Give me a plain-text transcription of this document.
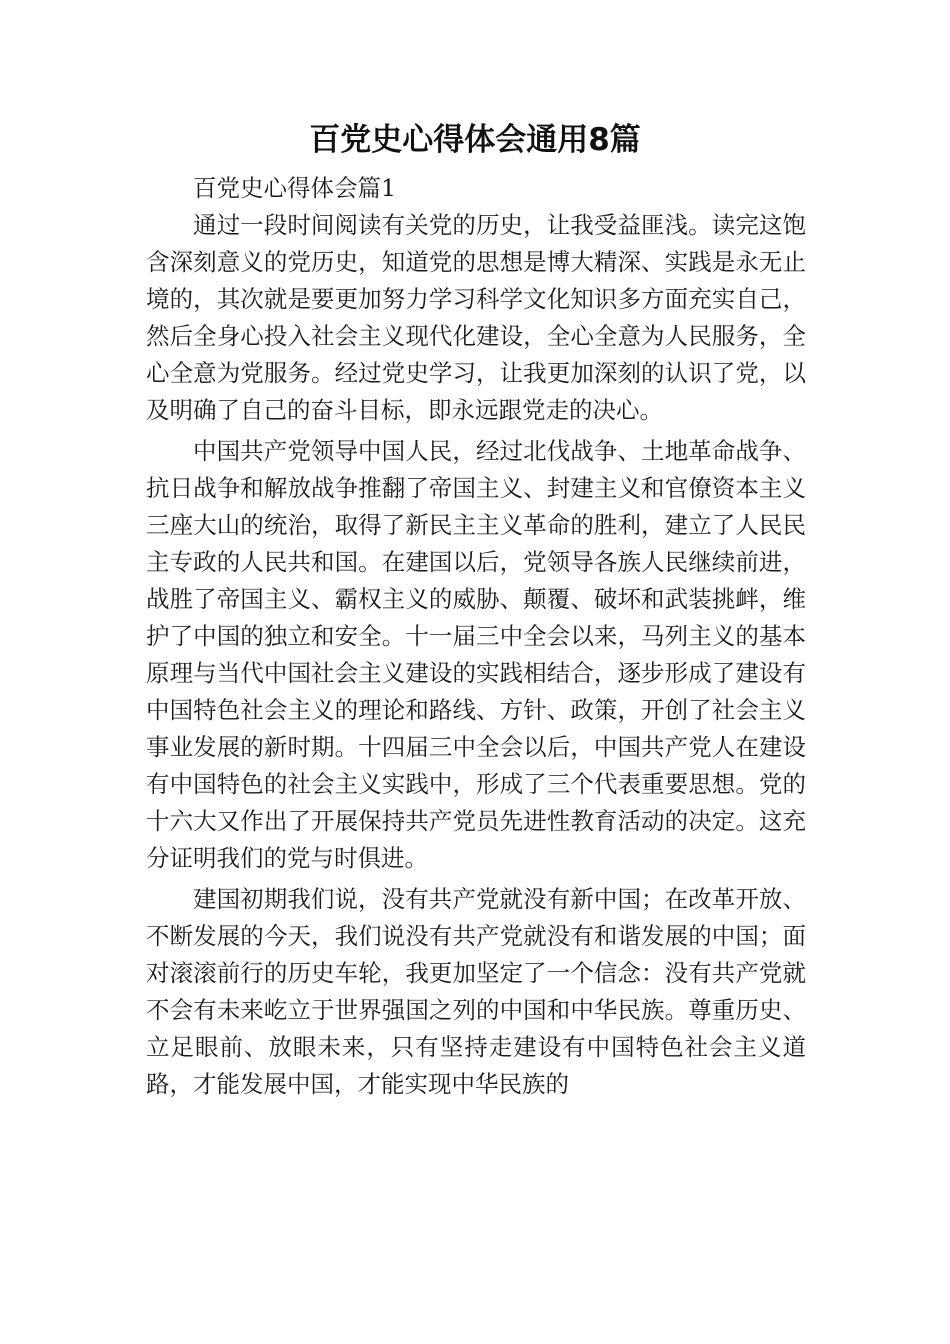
百党史心得体会通用8篇
百党史心得体会篇1

通过一段时间阅读有关党的历史，让我受益匪浅。读完这饱含深刻意义的党历史，知道党的思想是博大精深、实践是永无止境的，其次就是要更加努力学习科学文化知识多方面充实自己，然后全身心投入社会主义现代化建设，全心全意为人民服务，全心全意为党服务。经过党史学习，让我更加深刻的认识了党，以及明确了自己的奋斗目标，即永远跟党走的决心。

中国共产党领导中国人民，经过北伐战争、土地革命战争、抗日战争和解放战争推翻了帝国主义、封建主义和官僚资本主义三座大山的统治，取得了新民主主义革命的胜利，建立了人民民主专政的人民共和国。在建国以后，党领导各族人民继续前进，战胜了帝国主义、霸权主义的威胁、颠覆、破坏和武装挑衅，维护了中国的独立和安全。十一届三中全会以来，马列主义的基本原理与当代中国社会主义建设的实践相结合，逐步形成了建设有中国特色社会主义的理论和路线、方针、政策，开创了社会主义事业发展的新时期。十四届三中全会以后，中国共产党人在建设有中国特色的社会主义实践中，形成了三个代表重要思想。党的十六大又作出了开展保持共产党员先进性教育活动的决定。这充分证明我们的党与时俱进。

建国初期我们说，没有共产党就没有新中国；在改革开放、不断发展的今天，我们说没有共产党就没有和谐发展的中国；面对滚滚前行的历史车轮，我更加坚定了一个信念：没有共产党就不会有未来屹立于世界强国之列的中国和中华民族。尊重历史、立足眼前、放眼未来，只有坚持走建设有中国特色社会主义道路，才能发展中国，才能实现中华民族的
